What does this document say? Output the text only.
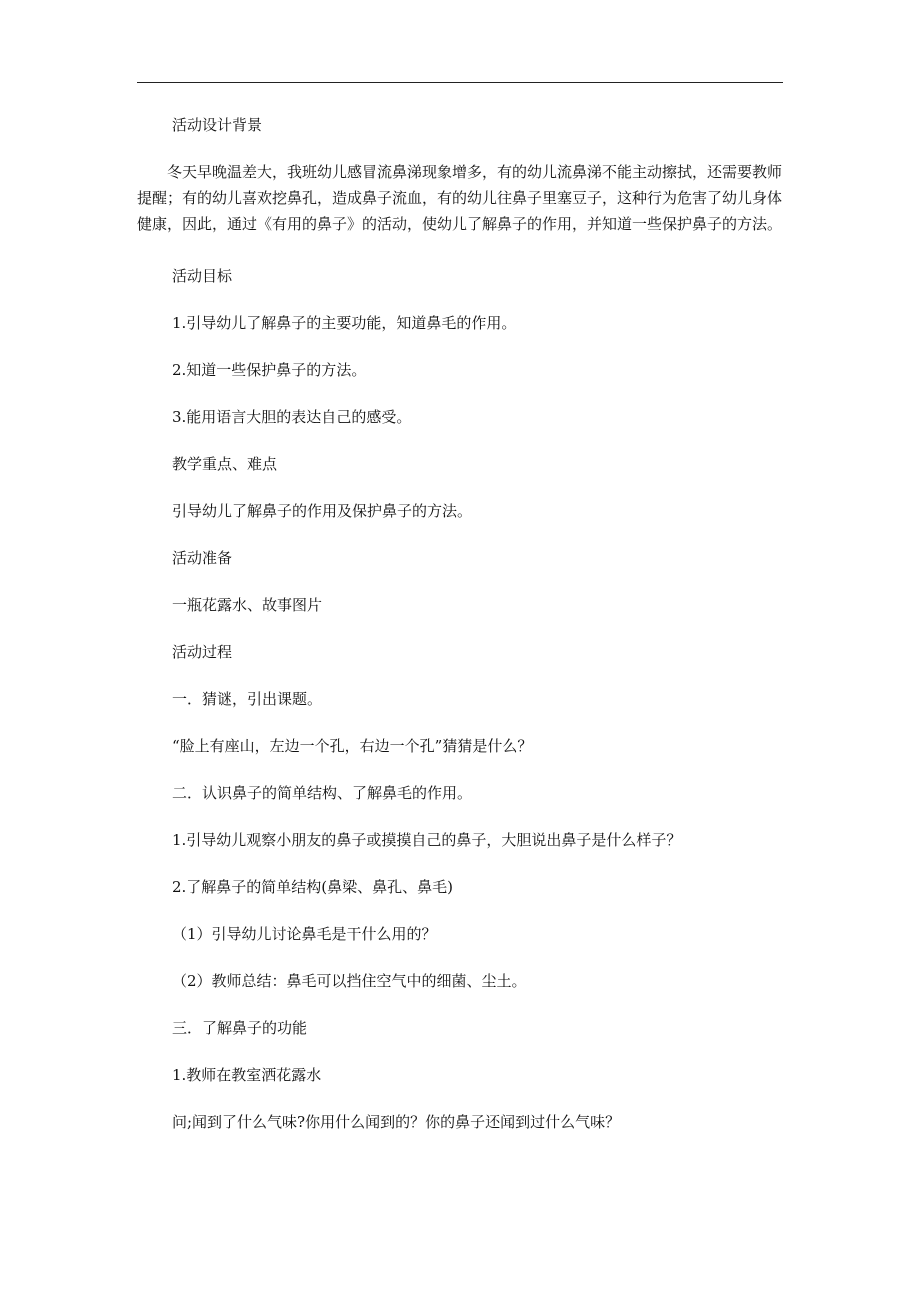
活动设计背景

冬天早晚温差大，我班幼儿感冒流鼻涕现象增多，有的幼儿流鼻涕不能主动擦拭，还需要教师提醒；有的幼儿喜欢挖鼻孔，造成鼻子流血，有的幼儿往鼻子里塞豆子，这种行为危害了幼儿身体健康，因此，通过《有用的鼻子》的活动，使幼儿了解鼻子的作用，并知道一些保护鼻子的方法。

活动目标

1.引导幼儿了解鼻子的主要功能，知道鼻毛的作用。

2.知道一些保护鼻子的方法。

3.能用语言大胆的表达自己的感受。

教学重点、难点

引导幼儿了解鼻子的作用及保护鼻子的方法。

活动准备

一瓶花露水、故事图片

活动过程

一．猜谜，引出课题。

“脸上有座山，左边一个孔，右边一个孔”猜猜是什么？

二．认识鼻子的简单结构、了解鼻毛的作用。

1.引导幼儿观察小朋友的鼻子或摸摸自己的鼻子，大胆说出鼻子是什么样子？

2.了解鼻子的简单结构(鼻梁、鼻孔、鼻毛)

（1）引导幼儿讨论鼻毛是干什么用的？

（2）教师总结：鼻毛可以挡住空气中的细菌、尘土。

三．了解鼻子的功能

1.教师在教室洒花露水

问;闻到了什么气味?你用什么闻到的？你的鼻子还闻到过什么气味？
